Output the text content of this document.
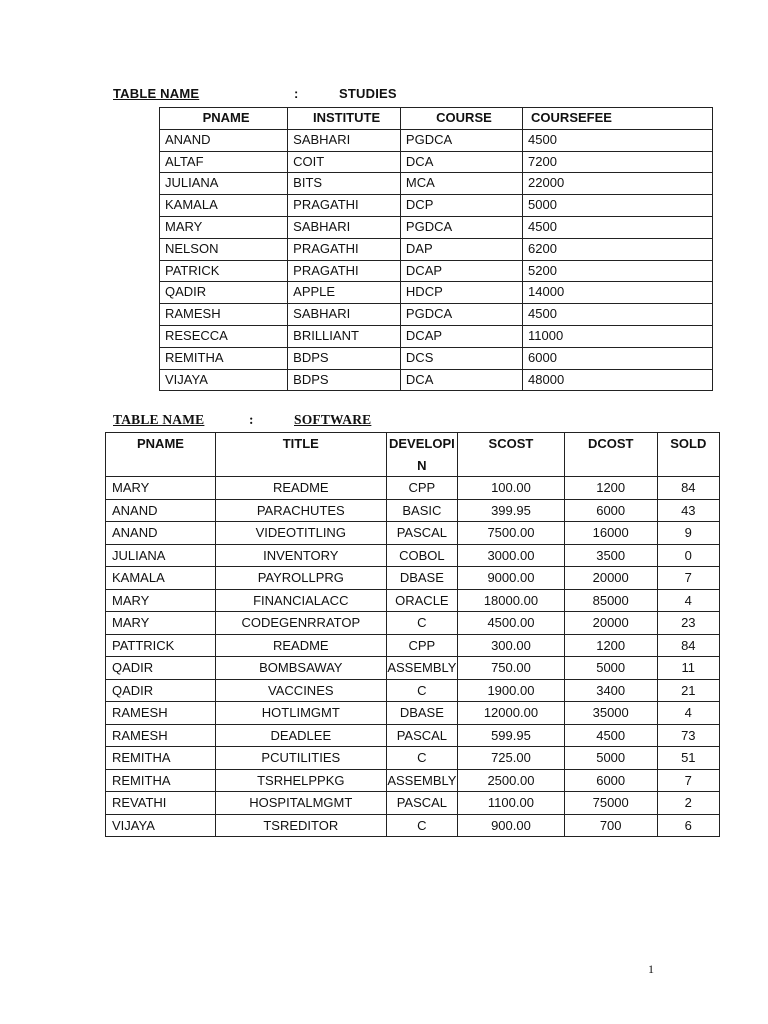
TABLE NAME	:	STUDIES
PNAME	INSTITUTE	COURSE	COURSEFEE
ANAND	SABHARI	PGDCA	4500
ALTAF	COIT	DCA	7200
JULIANA	BITS	MCA	22000
KAMALA	PRAGATHI	DCP	5000
MARY	SABHARI	PGDCA	4500
NELSON	PRAGATHI	DAP	6200
PATRICK	PRAGATHI	DCAP	5200
QADIR	APPLE	HDCP	14000
RAMESH	SABHARI	PGDCA	4500
RESECCA	BRILLIANT	DCAP	11000
REMITHA	BDPS	DCS	6000
VIJAYA	BDPS	DCA	48000
TABLE NAME	:	SOFTWARE
PNAME	TITLE	DEVELOPIN	SCOST	DCOST	SOLD
MARY	README	CPP	100.00	1200	84
ANAND	PARACHUTES	BASIC	399.95	6000	43
ANAND	VIDEOTITLING	PASCAL	7500.00	16000	9
JULIANA	INVENTORY	COBOL	3000.00	3500	0
KAMALA	PAYROLLPRG	DBASE	9000.00	20000	7
MARY	FINANCIALACC	ORACLE	18000.00	85000	4
MARY	CODEGENRRATOP	C	4500.00	20000	23
PATTRICK	README	CPP	300.00	1200	84
QADIR	BOMBSAWAY	ASSEMBLY	750.00	5000	11
QADIR	VACCINES	C	1900.00	3400	21
RAMESH	HOTLIMGMT	DBASE	12000.00	35000	4
RAMESH	DEADLEE	PASCAL	599.95	4500	73
REMITHA	PCUTILITIES	C	725.00	5000	51
REMITHA	TSRHELPPKG	ASSEMBLY	2500.00	6000	7
REVATHI	HOSPITALMGMT	PASCAL	1100.00	75000	2
VIJAYA	TSREDITOR	C	900.00	700	6
1
